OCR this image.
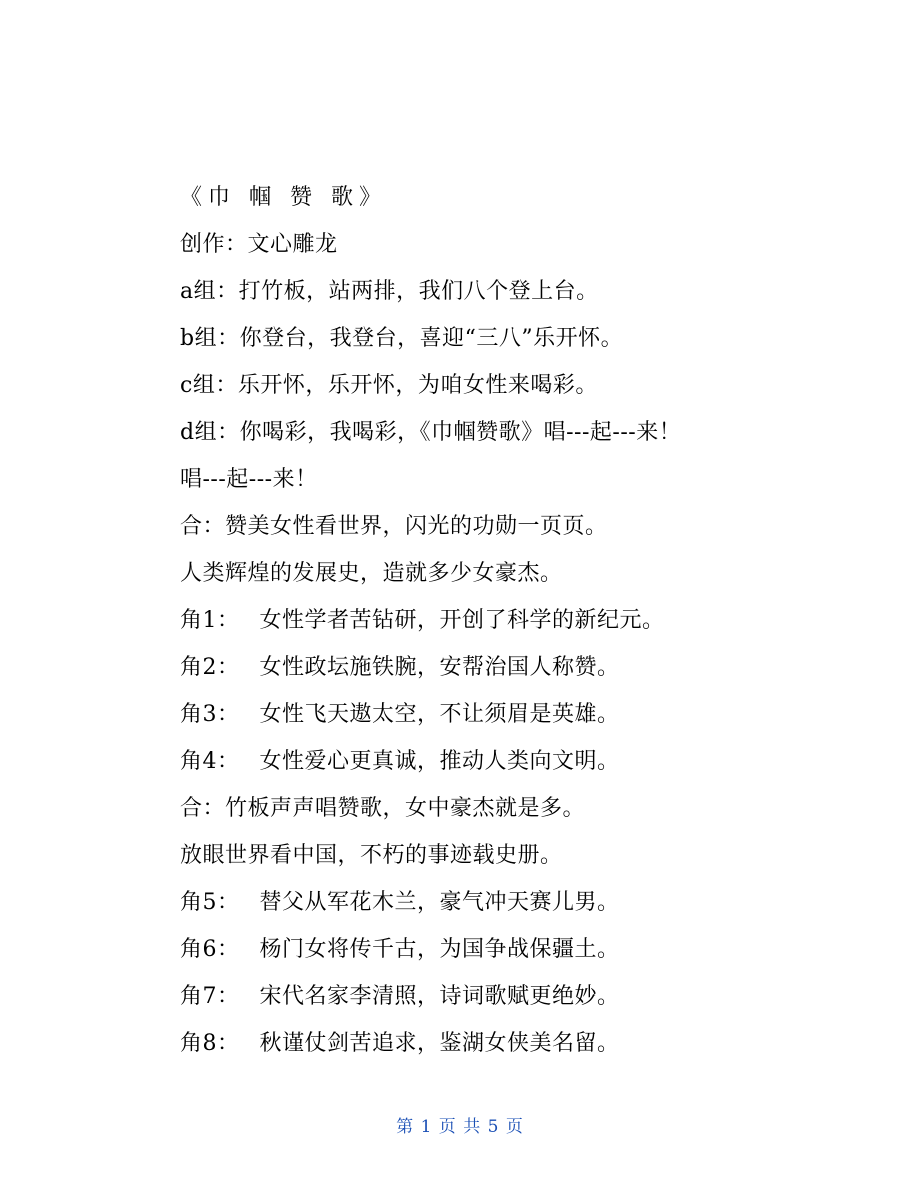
《巾 帼 赞 歌》
创作：文心雕龙
a组：打竹板，站两排，我们八个登上台。
b组：你登台，我登台，喜迎“三八”乐开怀。
c组：乐开怀，乐开怀，为咱女性来喝彩。
d组：你喝彩，我喝彩，《巾帼赞歌》唱---起---来！
唱---起---来！
合：赞美女性看世界，闪光的功勋一页页。
人类辉煌的发展史，造就多少女豪杰。
角1： 女性学者苦钻研，开创了科学的新纪元。
角2： 女性政坛施铁腕，安帮治国人称赞。
角3： 女性飞天遨太空，不让须眉是英雄。
角4： 女性爱心更真诚，推动人类向文明。
合：竹板声声唱赞歌，女中豪杰就是多。
放眼世界看中国，不朽的事迹载史册。
角5： 替父从军花木兰，豪气冲天赛儿男。
角6： 杨门女将传千古，为国争战保疆土。
角7： 宋代名家李清照，诗词歌赋更绝妙。
角8： 秋谨仗剑苦追求，鉴湖女侠美名留。
第 1 页 共 5 页
